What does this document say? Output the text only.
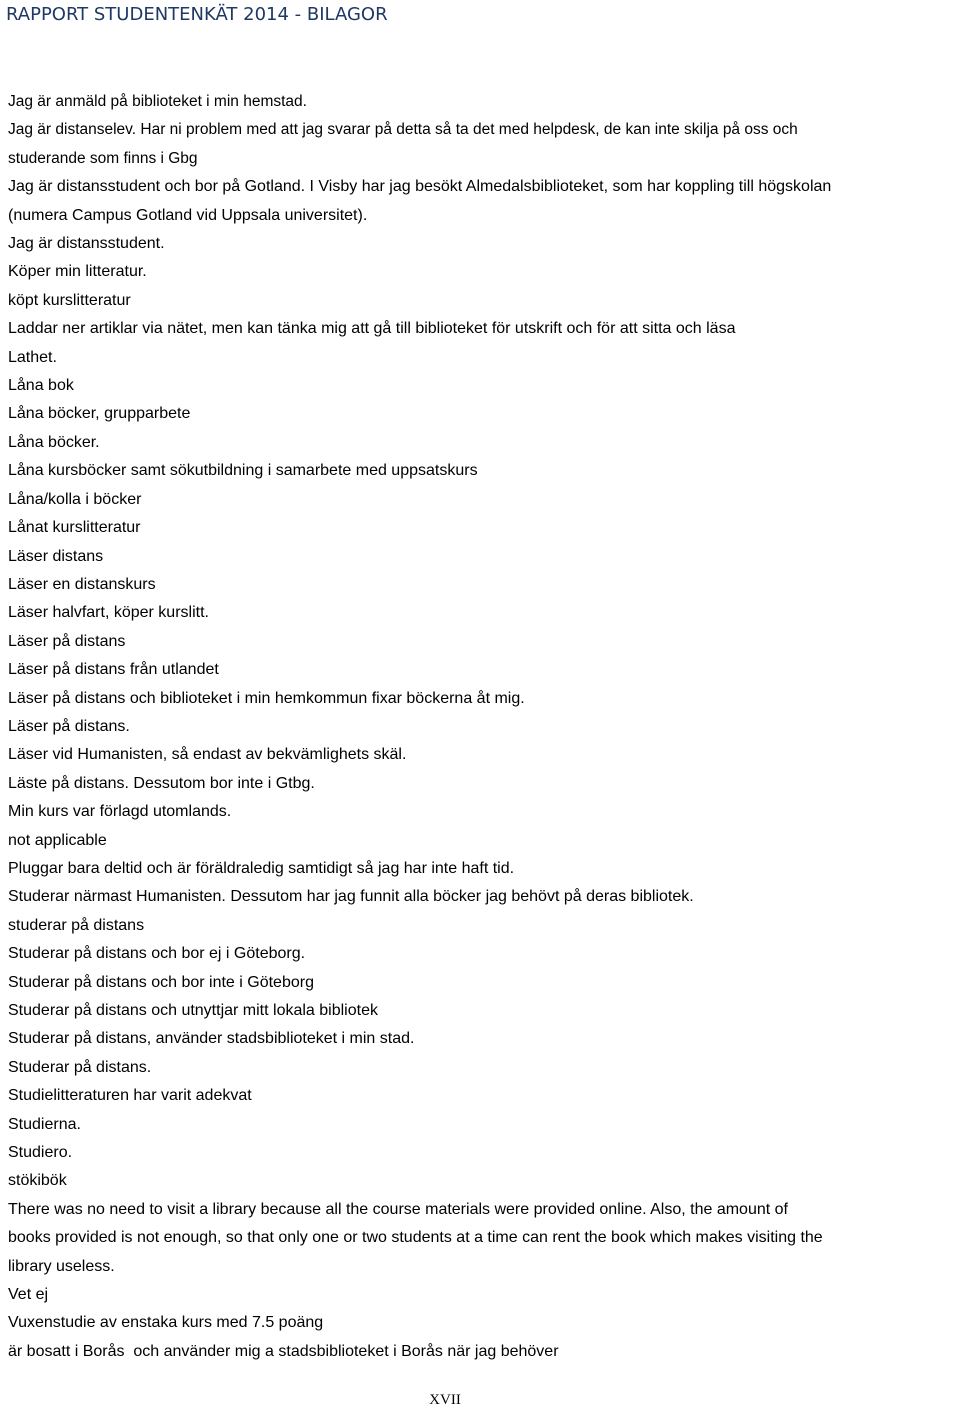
RAPPORT STUDENTENKÄT 2014 - BILAGOR
Jag är anmäld på biblioteket i min hemstad.
Jag är distanselev. Har ni problem med att jag svarar på detta så ta det med helpdesk, de kan inte skilja på oss och
studerande som finns i Gbg
Jag är distansstudent och bor på Gotland. I Visby har jag besökt Almedalsbiblioteket, som har koppling till högskolan
(numera Campus Gotland vid Uppsala universitet).
Jag är distansstudent.
Köper min litteratur.
köpt kurslitteratur
Laddar ner artiklar via nätet, men kan tänka mig att gå till biblioteket för utskrift och för att sitta och läsa
Lathet.
Låna bok
Låna böcker, grupparbete
Låna böcker.
Låna kursböcker samt sökutbildning i samarbete med uppsatskurs
Låna/kolla i böcker
Lånat kurslitteratur
Läser distans
Läser en distanskurs
Läser halvfart, köper kurslitt.
Läser på distans
Läser på distans från utlandet
Läser på distans och biblioteket i min hemkommun fixar böckerna åt mig.
Läser på distans.
Läser vid Humanisten, så endast av bekvämlighets skäl.
Läste på distans. Dessutom bor inte i Gtbg.
Min kurs var förlagd utomlands.
not applicable
Pluggar bara deltid och är föräldraledig samtidigt så jag har inte haft tid.
Studerar närmast Humanisten. Dessutom har jag funnit alla böcker jag behövt på deras bibliotek.
studerar på distans
Studerar på distans och bor ej i Göteborg.
Studerar på distans och bor inte i Göteborg
Studerar på distans och utnyttjar mitt lokala bibliotek
Studerar på distans, använder stadsbiblioteket i min stad.
Studerar på distans.
Studielitteraturen har varit adekvat
Studierna.
Studiero.
stökibök
There was no need to visit a library because all the course materials were provided online. Also, the amount of
books provided is not enough, so that only one or two students at a time can rent the book which makes visiting the
library useless.
Vet ej
Vuxenstudie av enstaka kurs med 7.5 poäng
är bosatt i Borås  och använder mig a stadsbiblioteket i Borås när jag behöver
XVII
